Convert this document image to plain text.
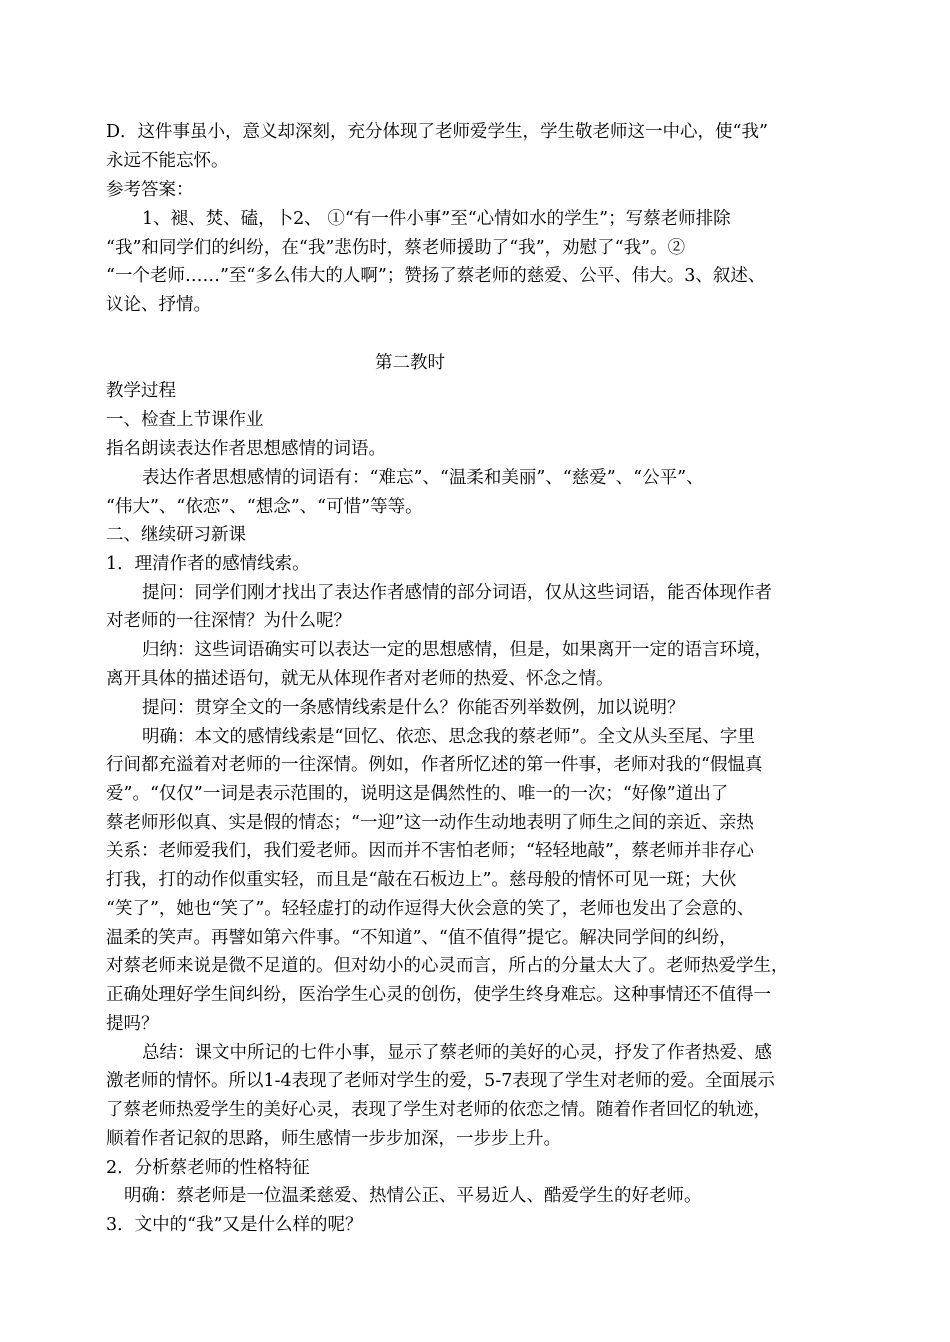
D．这件事虽小，意义却深刻，充分体现了老师爱学生，学生敬老师这一中心，使“我”
永远不能忘怀。
参考答案：
1、褪、焚、磕，卜2、 ①“有一件小事”至“心情如水的学生”；写蔡老师排除
“我”和同学们的纠纷，在“我”悲伤时，蔡老师援助了“我”，劝慰了“我”。②
“一个老师……”至“多么伟大的人啊”；赞扬了蔡老师的慈爱、公平、伟大。3、叙述、
议论、抒情。
第二教时
教学过程
一、检查上节课作业
指名朗读表达作者思想感情的词语。
表达作者思想感情的词语有：“难忘”、“温柔和美丽”、“慈爱”、“公平”、
“伟大”、“依恋”、“想念”、“可惜”等等。
二、继续研习新课
1．理清作者的感情线索。
提问：同学们刚才找出了表达作者感情的部分词语，仅从这些词语，能否体现作者
对老师的一往深情？为什么呢？
归纳：这些词语确实可以表达一定的思想感情，但是，如果离开一定的语言环境，
离开具体的描述语句，就无从体现作者对老师的热爱、怀念之情。
提问：贯穿全文的一条感情线索是什么？你能否列举数例，加以说明？
明确：本文的感情线索是“回忆、依恋、思念我的蔡老师”。全文从头至尾、字里
行间都充溢着对老师的一往深情。例如，作者所忆述的第一件事，老师对我的“假愠真
爱”。“仅仅”一词是表示范围的，说明这是偶然性的、唯一的一次；“好像”道出了
蔡老师形似真、实是假的情态；“一迎”这一动作生动地表明了师生之间的亲近、亲热
关系：老师爱我们，我们爱老师。因而并不害怕老师；“轻轻地敲”，蔡老师并非存心
打我，打的动作似重实轻，而且是“敲在石板边上”。慈母般的情怀可见一斑；大伙
“笑了”，她也“笑了”。轻轻虚打的动作逗得大伙会意的笑了，老师也发出了会意的、
温柔的笑声。再譬如第六件事。“不知道”、“值不值得”提它。解决同学间的纠纷，
对蔡老师来说是微不足道的。但对幼小的心灵而言，所占的分量太大了。老师热爱学生，
正确处理好学生间纠纷，医治学生心灵的创伤，使学生终身难忘。这种事情还不值得一
提吗？
总结：课文中所记的七件小事，显示了蔡老师的美好的心灵，抒发了作者热爱、感
激老师的情怀。所以1-4表现了老师对学生的爱，5-7表现了学生对老师的爱。全面展示
了蔡老师热爱学生的美好心灵，表现了学生对老师的依恋之情。随着作者回忆的轨迹，
顺着作者记叙的思路，师生感情一步步加深，一步步上升。
2．分析蔡老师的性格特征
明确：蔡老师是一位温柔慈爱、热情公正、平易近人、酷爱学生的好老师。
3．文中的“我”又是什么样的呢？
